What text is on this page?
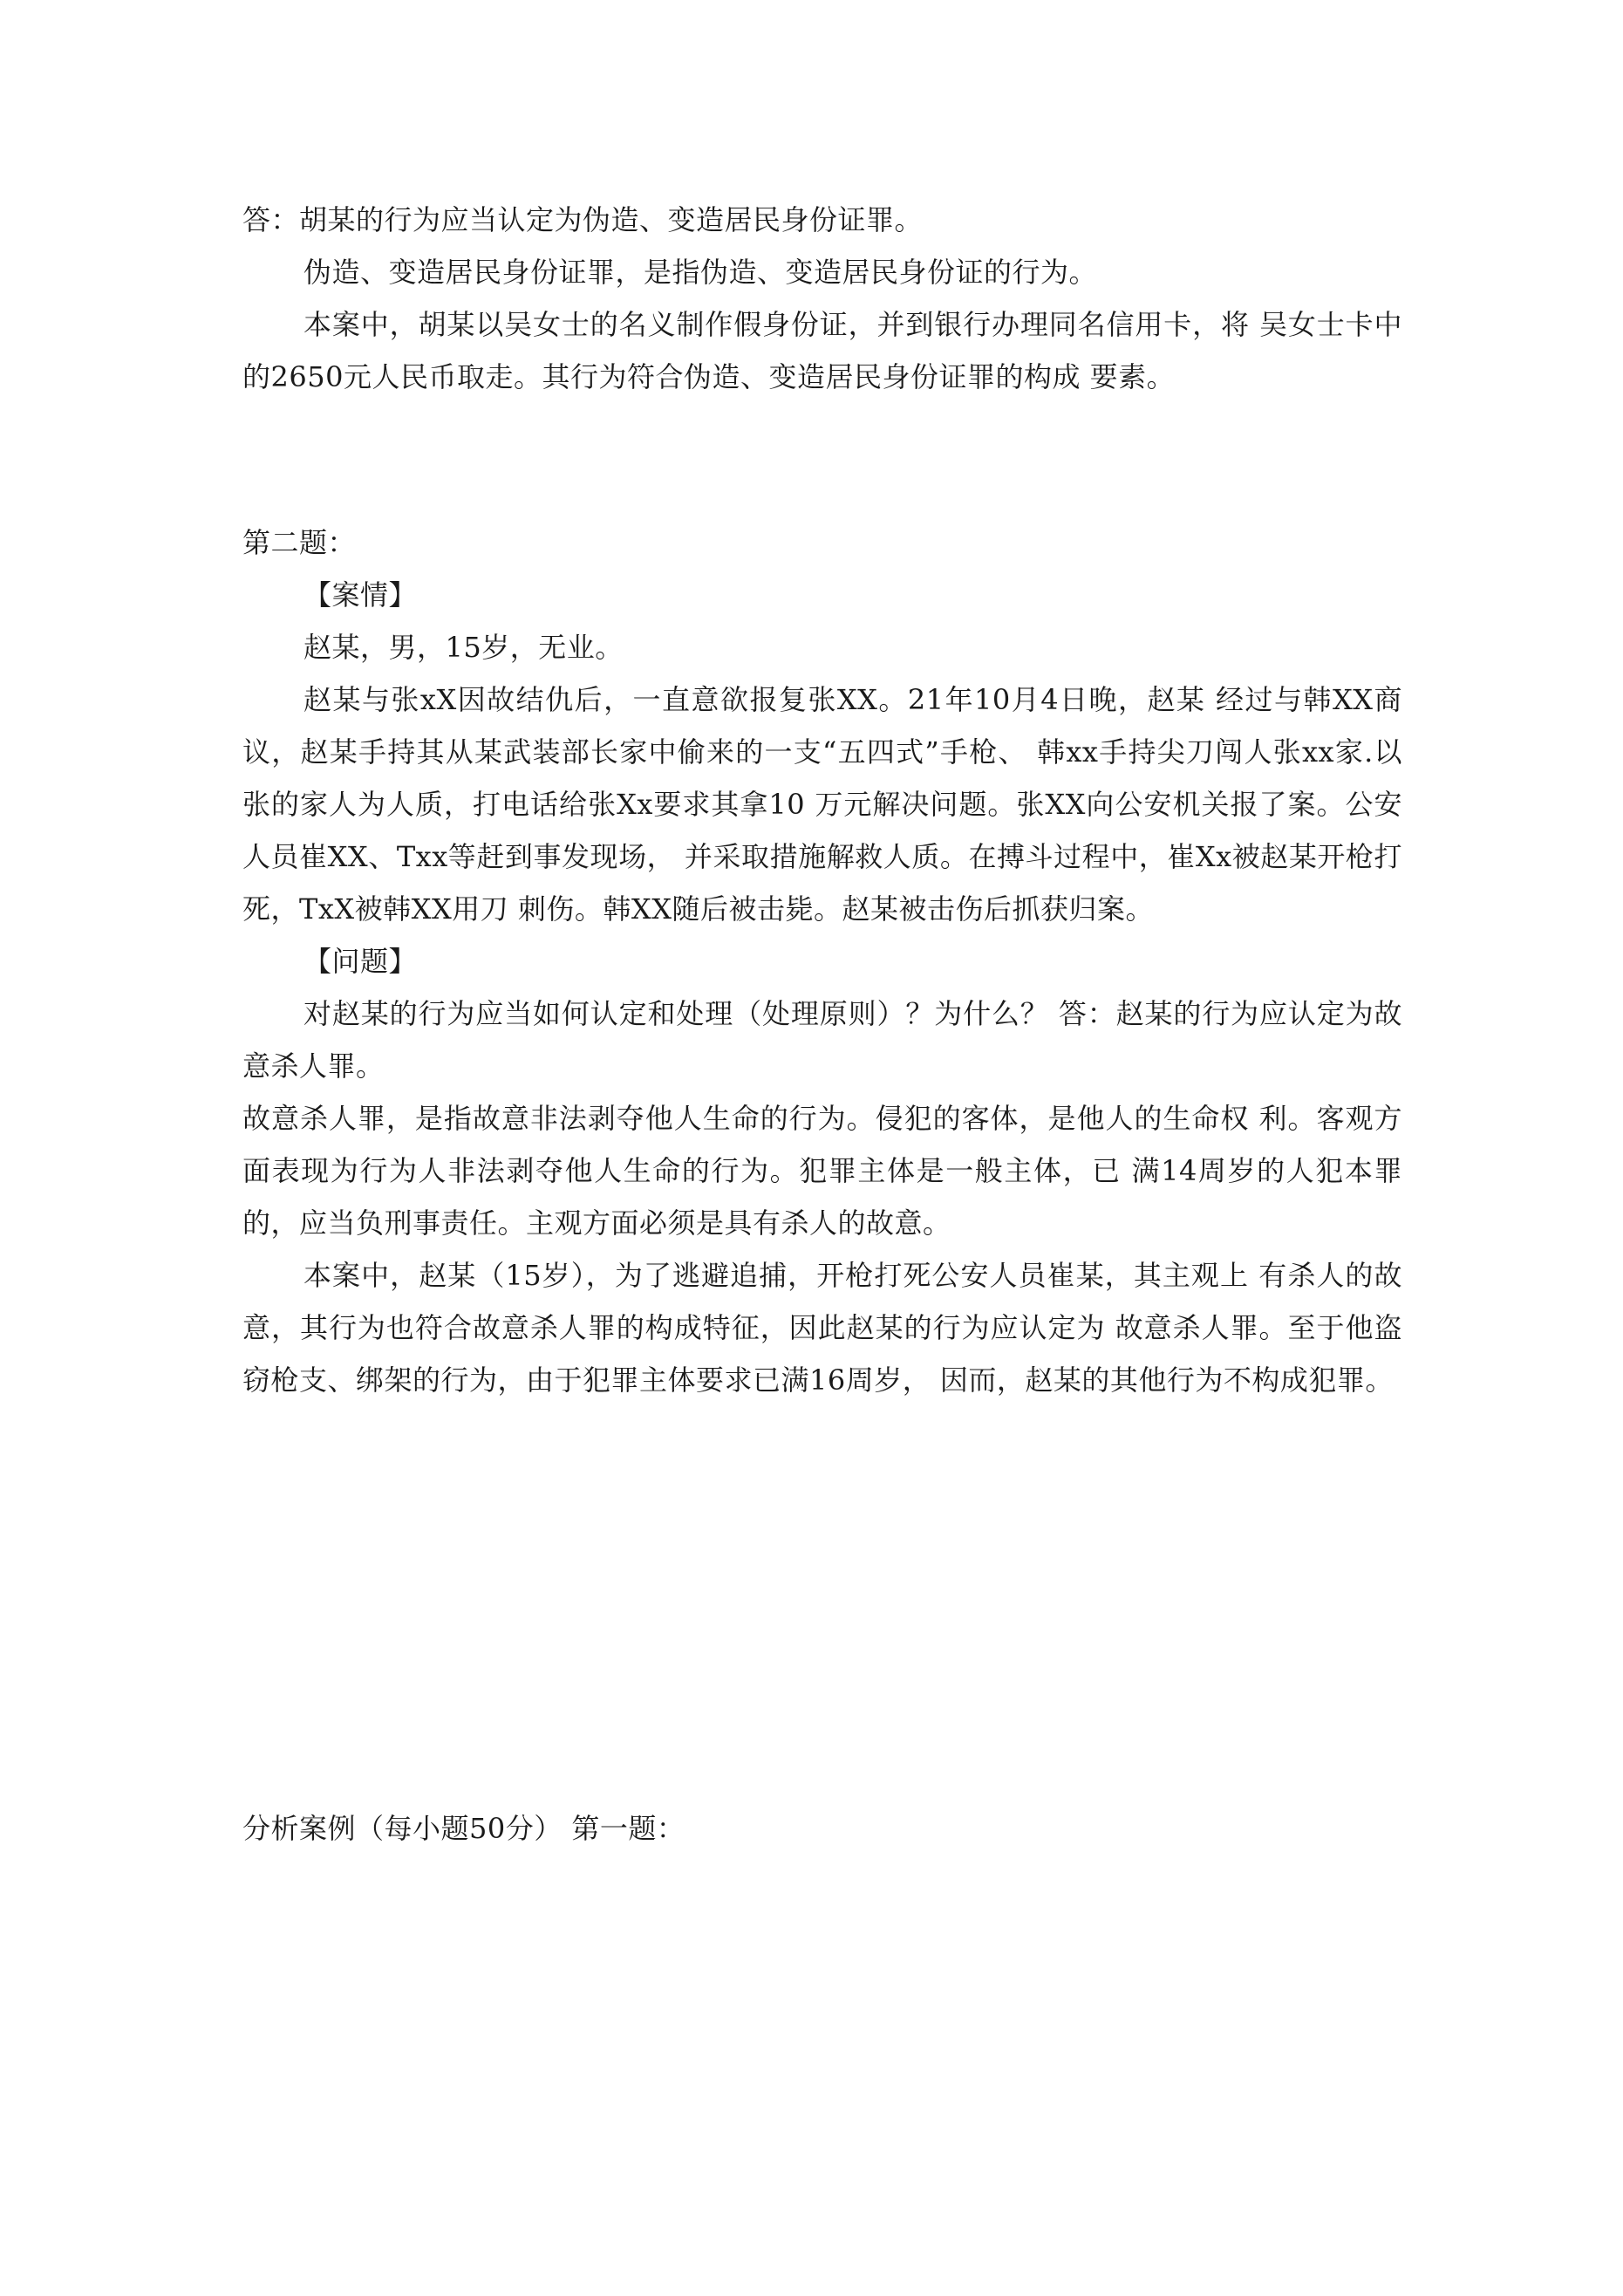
答：胡某的行为应当认定为伪造、变造居民身份证罪。

伪造、变造居民身份证罪，是指伪造、变造居民身份证的行为。

本案中，胡某以吴女士的名义制作假身份证，并到银行办理同名信用卡，将 吴女士卡中的2650元人民币取走。其行为符合伪造、变造居民身份证罪的构成 要素。

第二题：

【案情】

赵某，男，15岁，无业。

赵某与张xX因故结仇后，一直意欲报复张XX。21年10月4日晚，赵某 经过与韩XX商议，赵某手持其从某武装部长家中偷来的一支“五四式”手枪、 韩xx手持尖刀闯人张xx家.以张的家人为人质，打电话给张Xx要求其拿10 万元解决问题。张XX向公安机关报了案。公安人员崔XX、Txx等赶到事发现场， 并采取措施解救人质。在搏斗过程中，崔Xx被赵某开枪打死，TxX被韩XX用刀 刺伤。韩XX随后被击毙。赵某被击伤后抓获归案。

【问题】

对赵某的行为应当如何认定和处理（处理原则）？为什么？ 答：赵某的行为应认定为故意杀人罪。

故意杀人罪，是指故意非法剥夺他人生命的行为。侵犯的客体，是他人的生命权 利。客观方面表现为行为人非法剥夺他人生命的行为。犯罪主体是一般主体，已 满14周岁的人犯本罪的，应当负刑事责任。主观方面必须是具有杀人的故意。

本案中，赵某（15岁），为了逃避追捕，开枪打死公安人员崔某，其主观上 有杀人的故意，其行为也符合故意杀人罪的构成特征，因此赵某的行为应认定为 故意杀人罪。至于他盗窃枪支、绑架的行为，由于犯罪主体要求已满16周岁， 因而，赵某的其他行为不构成犯罪。

分析案例（每小题50分） 第一题：
